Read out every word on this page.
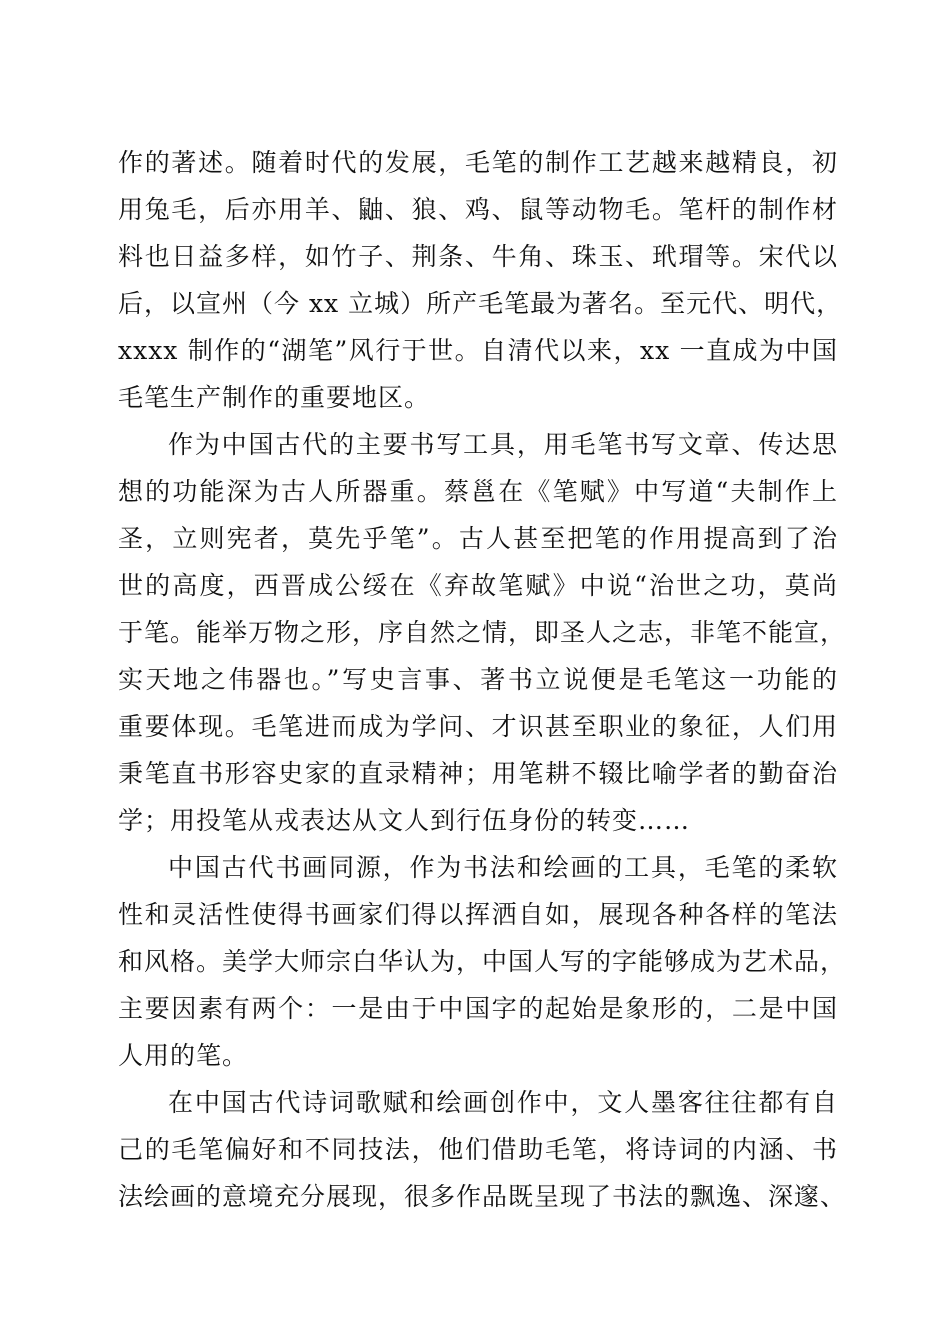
作的著述。随着时代的发展，毛笔的制作工艺越来越精良，初
用兔毛，后亦用羊、鼬、狼、鸡、鼠等动物毛。笔杆的制作材
料也日益多样，如竹子、荆条、牛角、珠玉、玳瑁等。宋代以
后，以宣州（今 xx 立城）所产毛笔最为著名。至元代、明代，
xxxx 制作的“湖笔”风行于世。自清代以来，xx 一直成为中国
毛笔生产制作的重要地区。
作为中国古代的主要书写工具，用毛笔书写文章、传达思
想的功能深为古人所器重。蔡邕在《笔赋》中写道“夫制作上
圣，立则宪者，莫先乎笔”。古人甚至把笔的作用提高到了治
世的高度，西晋成公绥在《弃故笔赋》中说“治世之功，莫尚
于笔。能举万物之形，序自然之情，即圣人之志，非笔不能宣，
实天地之伟器也。”写史言事、著书立说便是毛笔这一功能的
重要体现。毛笔进而成为学问、才识甚至职业的象征，人们用
秉笔直书形容史家的直录精神；用笔耕不辍比喻学者的勤奋治
学；用投笔从戎表达从文人到行伍身份的转变……
中国古代书画同源，作为书法和绘画的工具，毛笔的柔软
性和灵活性使得书画家们得以挥洒自如，展现各种各样的笔法
和风格。美学大师宗白华认为，中国人写的字能够成为艺术品，
主要因素有两个：一是由于中国字的起始是象形的，二是中国
人用的笔。
在中国古代诗词歌赋和绘画创作中，文人墨客往往都有自
己的毛笔偏好和不同技法，他们借助毛笔，将诗词的内涵、书
法绘画的意境充分展现，很多作品既呈现了书法的飘逸、深邃、
